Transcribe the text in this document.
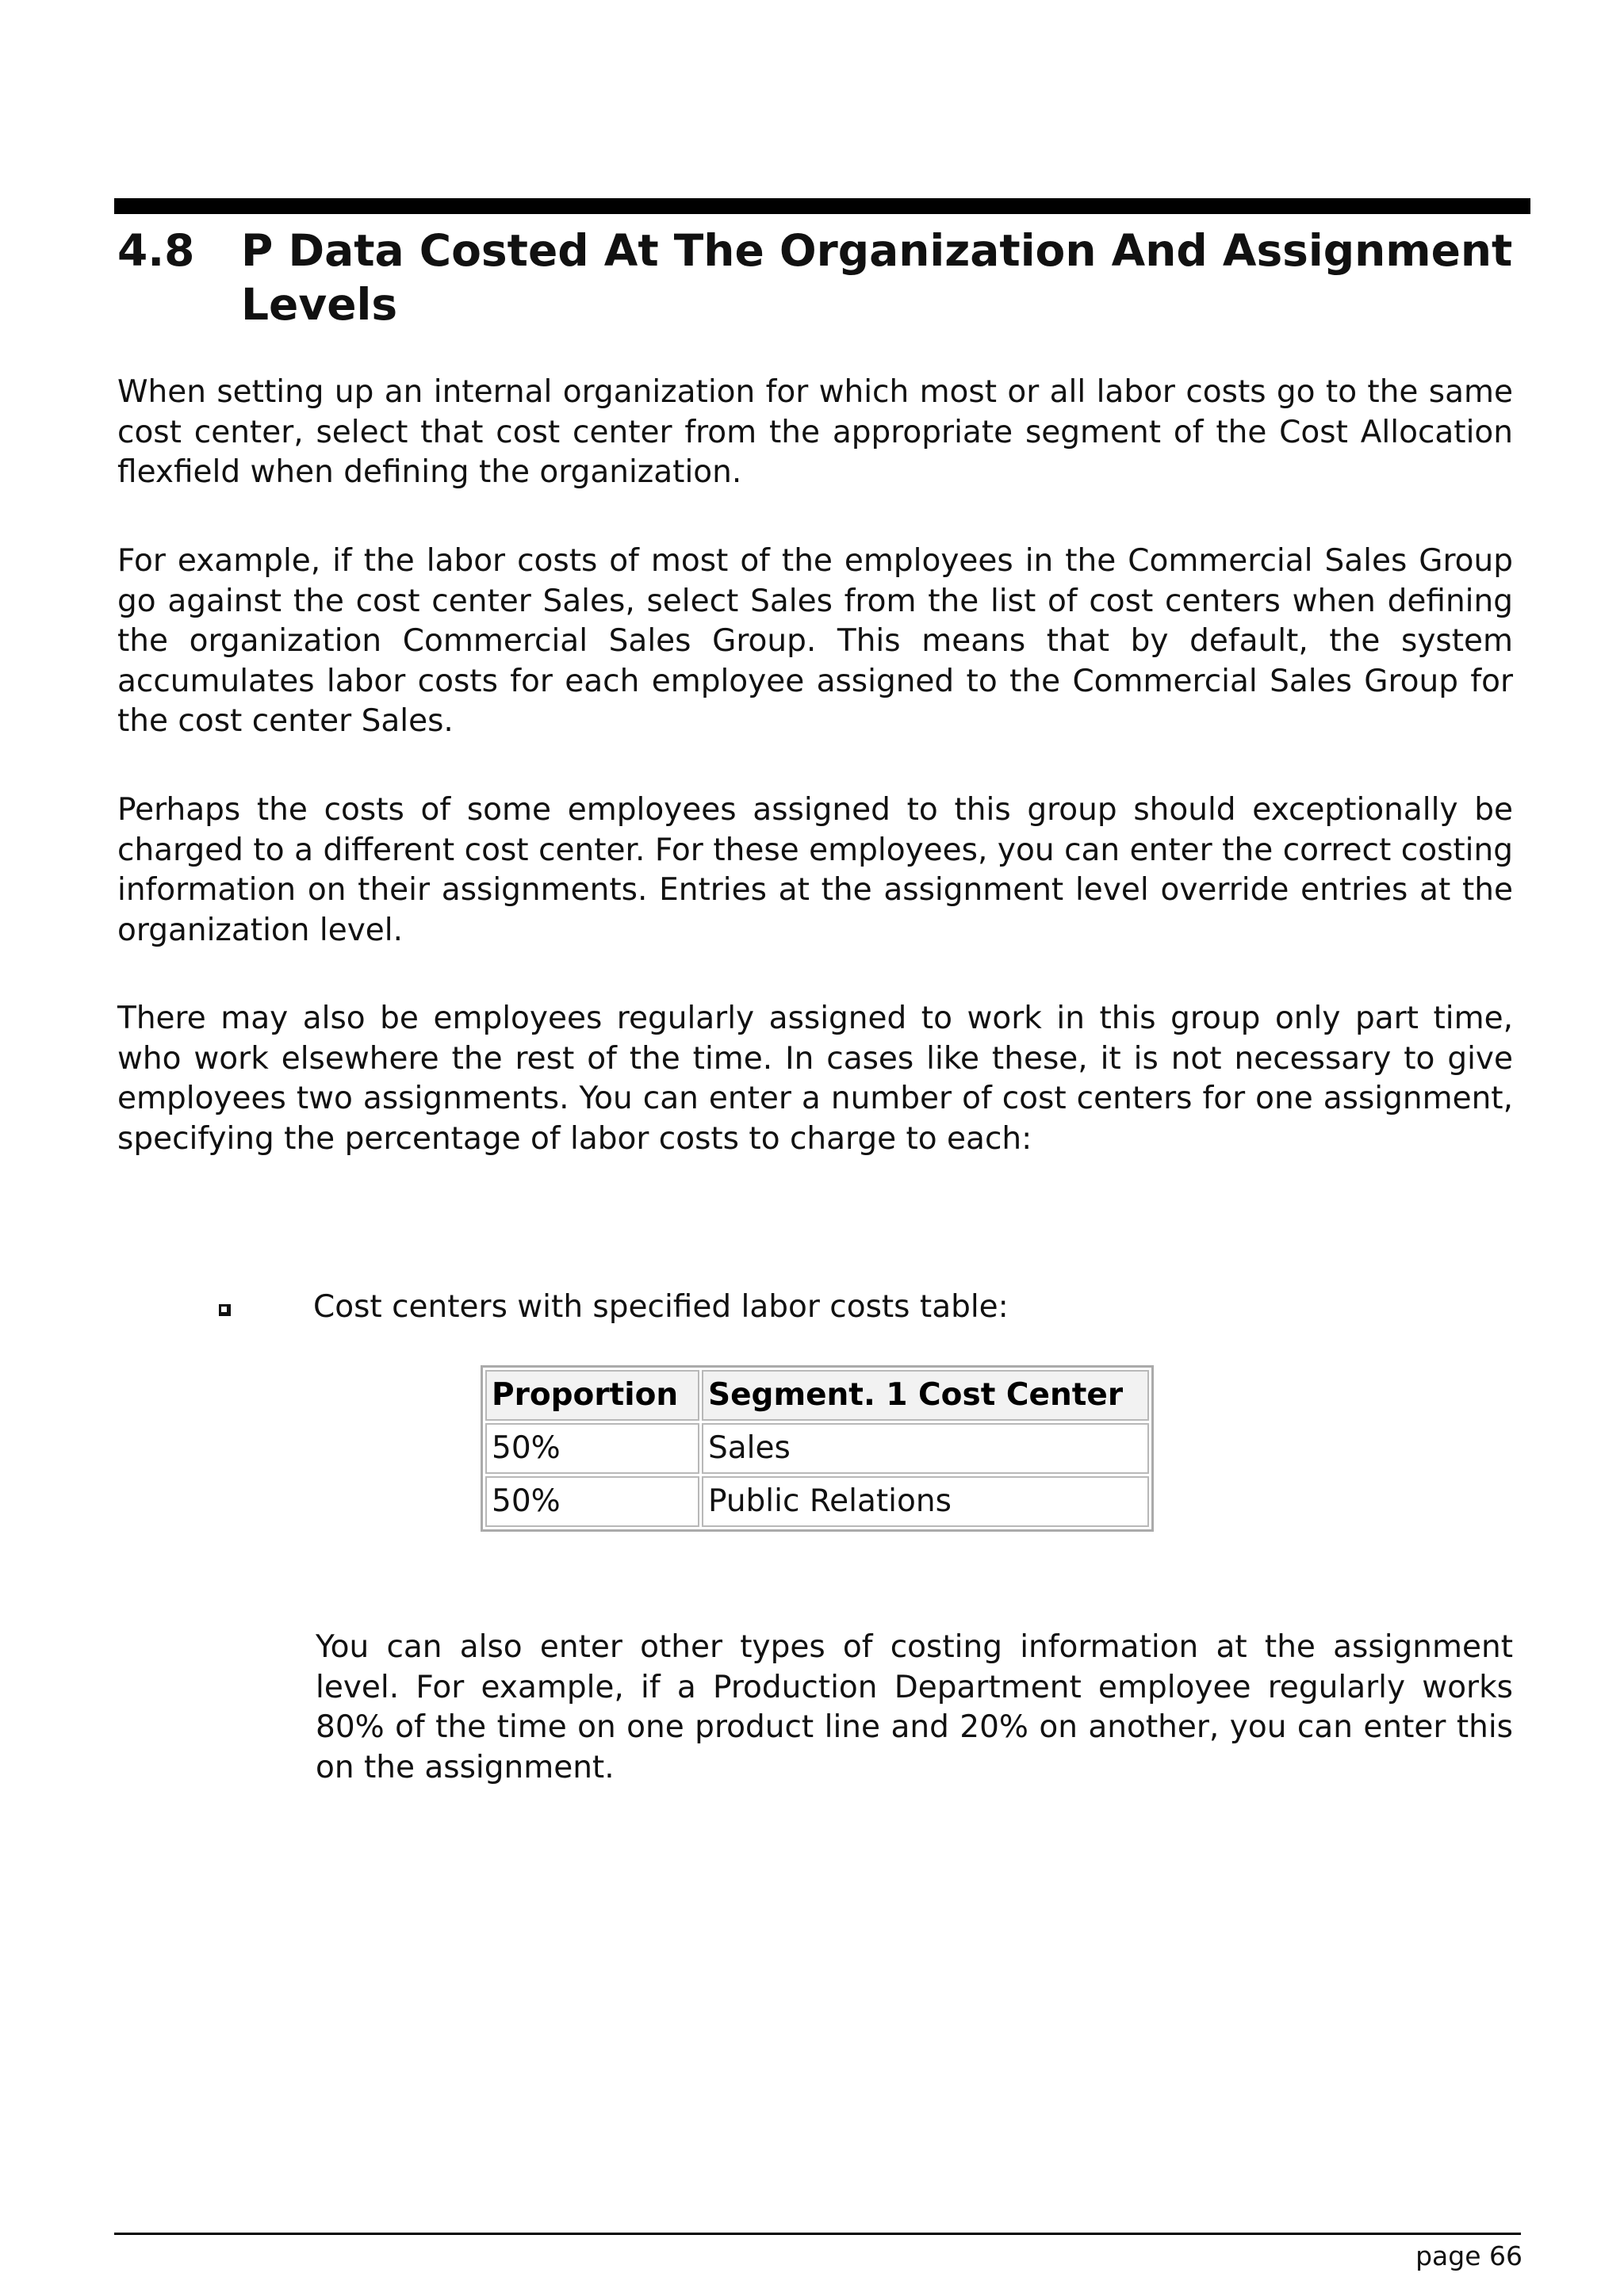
4.8	P Data Costed At The Organization And Assignment Levels

When setting up an internal organization for which most or all labor costs go to the same cost center, select that cost center from the appropriate segment of the Cost Allocation flexfield when defining the organization.

For example, if the labor costs of most of the employees in the Commercial Sales Group go against the cost center Sales, select Sales from the list of cost centers when defining the organization Commercial Sales Group. This means that by default, the system accumulates labor costs for each employee assigned to the Commercial Sales Group for the cost center Sales.

Perhaps the costs of some employees assigned to this group should exceptionally be charged to a different cost center. For these employees, you can enter the correct costing information on their assignments. Entries at the assignment level override entries at the organization level.

There may also be employees regularly assigned to work in this group only part time, who work elsewhere the rest of the time. In cases like these, it is not necessary to give employees two assignments. You can enter a number of cost centers for one assignment, specifying the percentage of labor costs to charge to each:

Cost centers with specified labor costs table:
Proportion	Segment. 1 Cost Center
50%	Sales
50%	Public Relations

You can also enter other types of costing information at the assignment level. For example, if a Production Department employee regularly works 80% of the time on one product line and 20% on another, you can enter this on the assignment.

page 66
